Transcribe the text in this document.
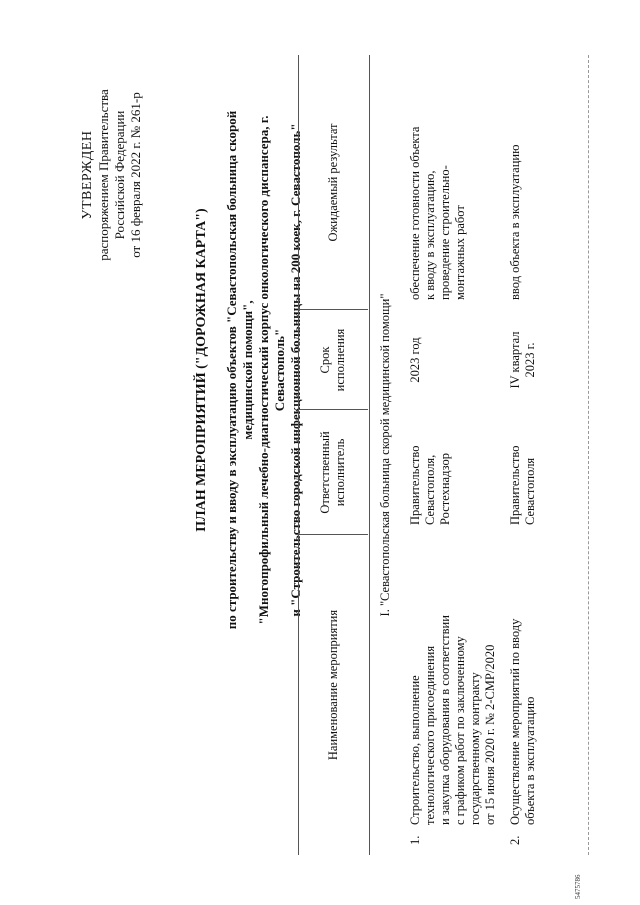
УТВЕРЖДЕН распоряжением Правительства Российской Федерации от 16 февраля 2022 г. № 261-р
ПЛАН МЕРОПРИЯТИЙ ("ДОРОЖНАЯ КАРТА") по строительству и вводу в эксплуатацию объектов "Севастопольская больница скорой медицинской помощи", "Многопрофильный лечебно-диагностический корпус онкологического диспансера, г. Севастополь" и "Строительство городской инфекционной больницы на 200 коек, г. Севастополь"
Наименование мероприятия
Ответственный исполнитель
Срок исполнения
Ожидаемый результат
I. "Севастопольская больница скорой медицинской помощи"
1.
Строительство, выполнение технологического присоединения и закупка оборудования в соответствии с графиком работ по заключенному государственному контракту от 15 июня 2020 г. № 2-СМР/2020
Правительство Севастополя, Ростехнадзор
2023 год
обеспечение готовности объекта к вводу в эксплуатацию, проведение строительно- монтажных работ
2.
Осуществление мероприятий по вводу объекта в эксплуатацию
Правительство Севастополя
IV квартал 2023 г.
ввод объекта в эксплуатацию
5475786
